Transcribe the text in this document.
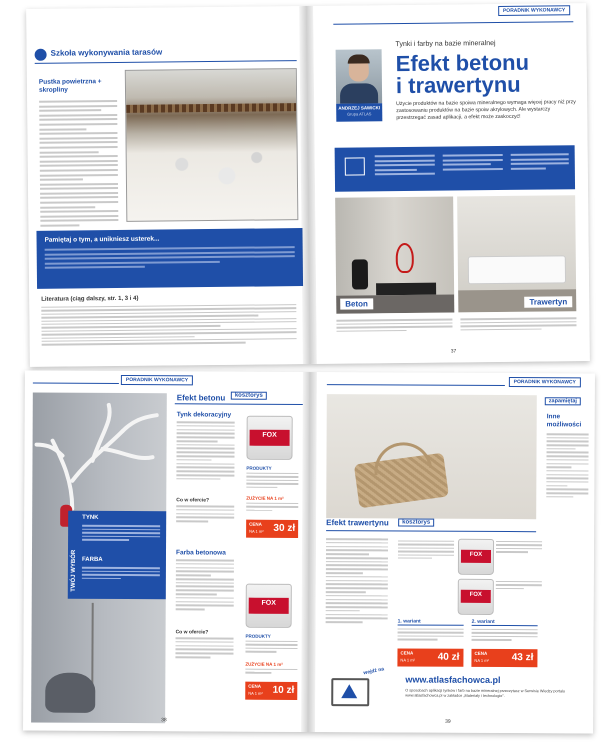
Szkoła wykonywania tarasów
Pustka powietrzna + skropliny
Pamiętaj o tym, a unikniesz usterek...
Literatura (ciąg dalszy, str. 1, 3 i 4)
PORADNIK WYKONAWCY
ANDRZEJ SAWICKI
Grupa ATLAS
Tynki i farby na bazie mineralnej
Efekt betonu
i trawertynu
Użycie produktów na bazie spoiwa mineralnego wymaga więcej pracy niż przy zastosowaniu produktów na bazie spoiw akrylowych. Ale wystarczy przestrzegać zasad aplikacji, a efekt może zaskoczyć!
Beton	Trawertyn
37
PORADNIK WYKONAWCY
TWÓJ WYBÓR
TYNK
FARBA
Efekt betonu	kosztorys
Tynk dekoracyjny
Co w ofercie?
Farba betonowa
Co w ofercie?
FOX
PRODUKTY
ZUŻYCIE NA 1 m²
CENA
NA 1 m² 30 zł
FOX
PRODUKTY
ZUŻYCIE NA 1 m²
CENA
NA 1 m² 10 zł
38
PORADNIK WYKONAWCY
Efekt trawertynu	kosztorys
FOX
FOX
1. wariant	2. wariant
CENA
NA 1 m² 40 zł	CENA
NA 1 m² 43 zł
zapamiętaj
Inne możliwości
wejdź na
www.atlasfachowca.pl
O sposobach aplikacji tynków i farb na bazie mineralnej przeczytasz w Serwisie Wiedzy portalu www.atlasfachowca.pl w zakładce „Materiały i technologie”.
39
